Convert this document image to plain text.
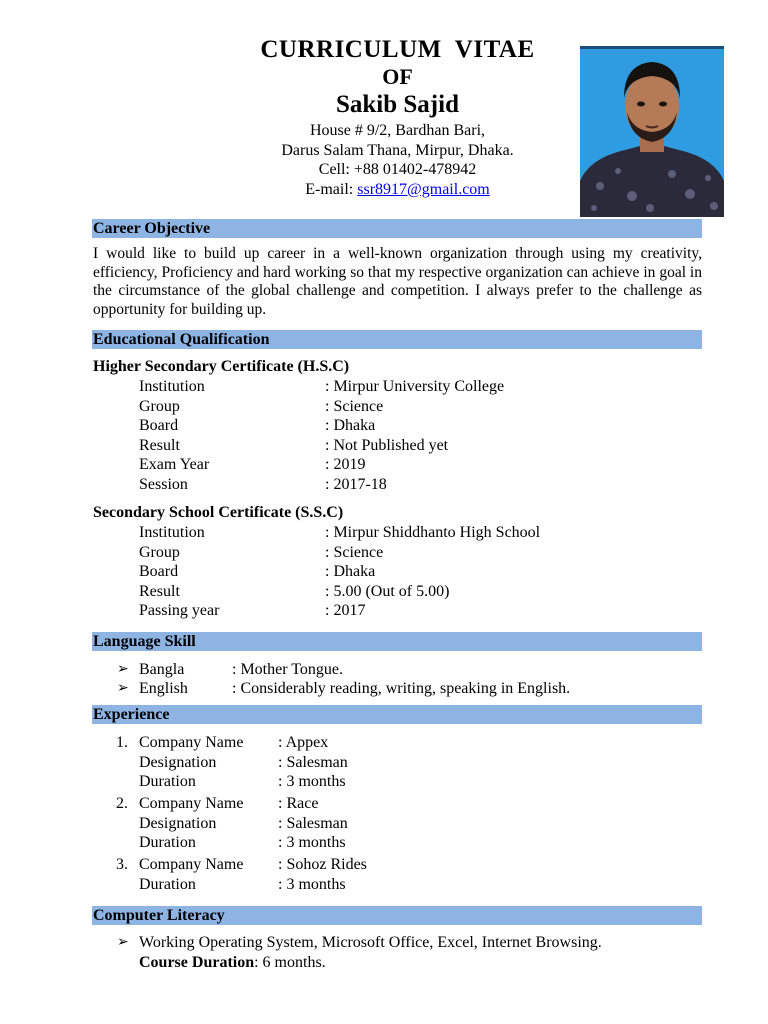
CURRICULUM  VITAE
OF
Sakib Sajid
House # 9/2, Bardhan Bari,
Darus Salam Thana, Mirpur, Dhaka.
Cell: +88 01402-478942
E-mail: ssr8917@gmail.com
Career Objective
I would like to build up career in a well-known organization through using my creativity, efficiency, Proficiency and hard working so that my respective organization can achieve in goal in the circumstance of the global challenge and competition. I always prefer to the challenge as opportunity for building up.
Educational Qualification
Higher Secondary Certificate (H.S.C)
Institution	: Mirpur University College
Group	: Science
Board	: Dhaka
Result	: Not Published yet
Exam Year	: 2019
Session	: 2017-18
Secondary School Certificate (S.S.C)
Institution	: Mirpur Shiddhanto High School
Group	: Science
Board	: Dhaka
Result	: 5.00 (Out of 5.00)
Passing year	: 2017
Language Skill
➢ Bangla	: Mother Tongue.
➢ English	: Considerably reading, writing, speaking in English.
Experience
1. Company Name : Appex
Designation	: Salesman
Duration	: 3 months
2. Company Name : Race
Designation	: Salesman
Duration	: 3 months
3. Company Name : Sohoz Rides
Duration	: 3 months
Computer Literacy
➢ Working Operating System, Microsoft Office, Excel, Internet Browsing.
Course Duration: 6 months.
